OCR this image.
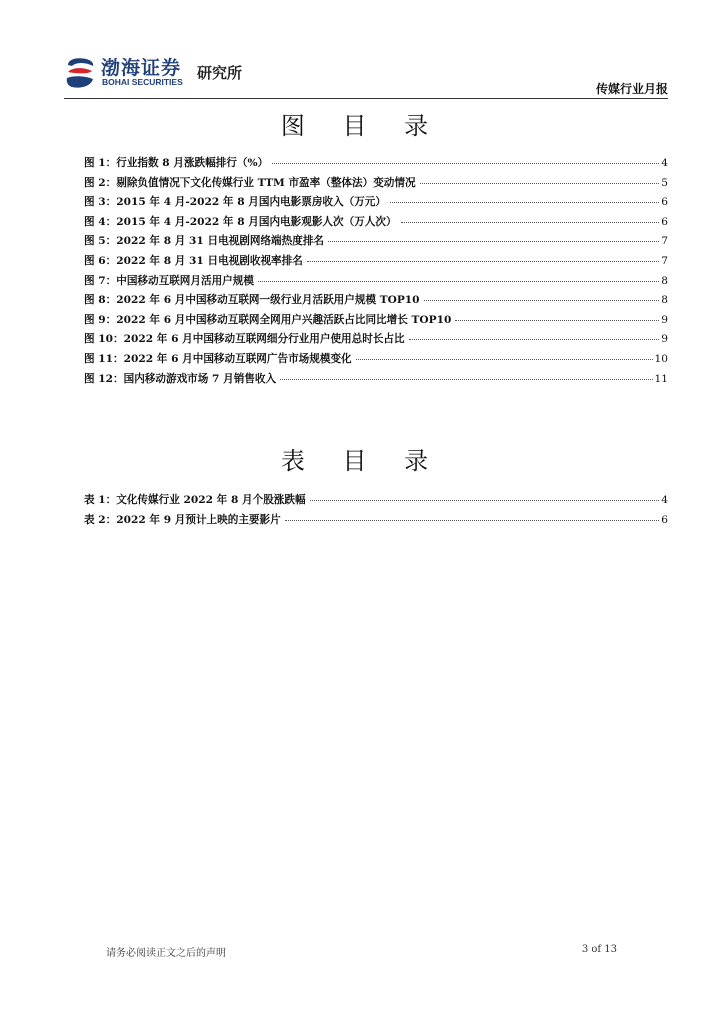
渤海证券
BOHAI SECURITIES 研究所
传媒行业月报
图 目 录
图 1：行业指数 8 月涨跌幅排行（%）	4
图 2：剔除负值情况下文化传媒行业 TTM 市盈率（整体法）变动情况	5
图 3：2015 年 4 月-2022 年 8 月国内电影票房收入（万元）	6
图 4：2015 年 4 月-2022 年 8 月国内电影观影人次（万人次）	6
图 5：2022 年 8 月 31 日电视剧网络端热度排名	7
图 6：2022 年 8 月 31 日电视剧收视率排名	7
图 7：中国移动互联网月活用户规模	8
图 8：2022 年 6 月中国移动互联网一级行业月活跃用户规模 TOP10	8
图 9：2022 年 6 月中国移动互联网全网用户兴趣活跃占比同比增长 TOP10	9
图 10：2022 年 6 月中国移动互联网细分行业用户使用总时长占比	9
图 11：2022 年 6 月中国移动互联网广告市场规模变化	10
图 12：国内移动游戏市场 7 月销售收入	11
表 目 录
表 1：文化传媒行业 2022 年 8 月个股涨跌幅	4
表 2：2022 年 9 月预计上映的主要影片	6
请务必阅读正文之后的声明	3 of 13
